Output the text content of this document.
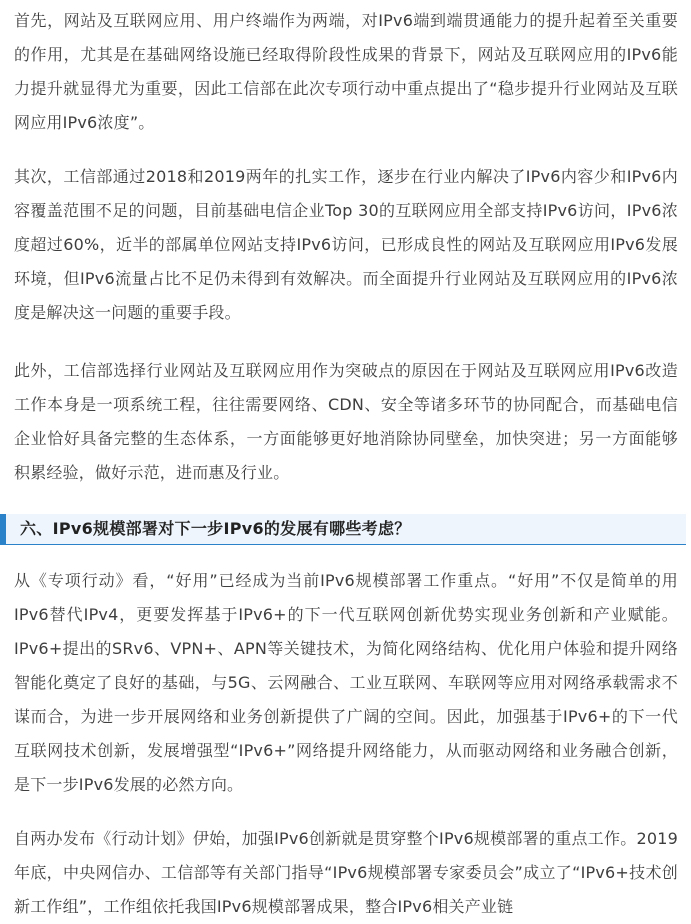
首先，网站及互联网应用、用户终端作为两端，对IPv6端到端贯通能力的提升起着至关重要的作用，尤其是在基础网络设施已经取得阶段性成果的背景下，网站及互联网应用的IPv6能力提升就显得尤为重要，因此工信部在此次专项行动中重点提出了“稳步提升行业网站及互联网应用IPv6浓度”。

其次，工信部通过2018和2019两年的扎实工作，逐步在行业内解决了IPv6内容少和IPv6内容覆盖范围不足的问题，目前基础电信企业Top 30的互联网应用全部支持IPv6访问，IPv6浓度超过60%，近半的部属单位网站支持IPv6访问，已形成良性的网站及互联网应用IPv6发展环境，但IPv6流量占比不足仍未得到有效解决。而全面提升行业网站及互联网应用的IPv6浓度是解决这一问题的重要手段。

此外，工信部选择行业网站及互联网应用作为突破点的原因在于网站及互联网应用IPv6改造工作本身是一项系统工程，往往需要网络、CDN、安全等诸多环节的协同配合，而基础电信企业恰好具备完整的生态体系，一方面能够更好地消除协同壁垒，加快突进；另一方面能够积累经验，做好示范，进而惠及行业。

六、IPv6规模部署对下一步IPv6的发展有哪些考虑？

从《专项行动》看，“好用”已经成为当前IPv6规模部署工作重点。“好用”不仅是简单的用IPv6替代IPv4，更要发挥基于IPv6+的下一代互联网创新优势实现业务创新和产业赋能。IPv6+提出的SRv6、VPN+、APN等关键技术，为简化网络结构、优化用户体验和提升网络智能化奠定了良好的基础，与5G、云网融合、工业互联网、车联网等应用对网络承载需求不谋而合，为进一步开展网络和业务创新提供了广阔的空间。因此，加强基于IPv6+的下一代互联网技术创新，发展增强型“IPv6+”网络提升网络能力，从而驱动网络和业务融合创新，是下一步IPv6发展的必然方向。

自两办发布《行动计划》伊始，加强IPv6创新就是贯穿整个IPv6规模部署的重点工作。2019年底，中央网信办、工信部等有关部门指导“IPv6规模部署专家委员会”成立了“IPv6+技术创新工作组”，工作组依托我国IPv6规模部署成果，整合IPv6相关产业链
